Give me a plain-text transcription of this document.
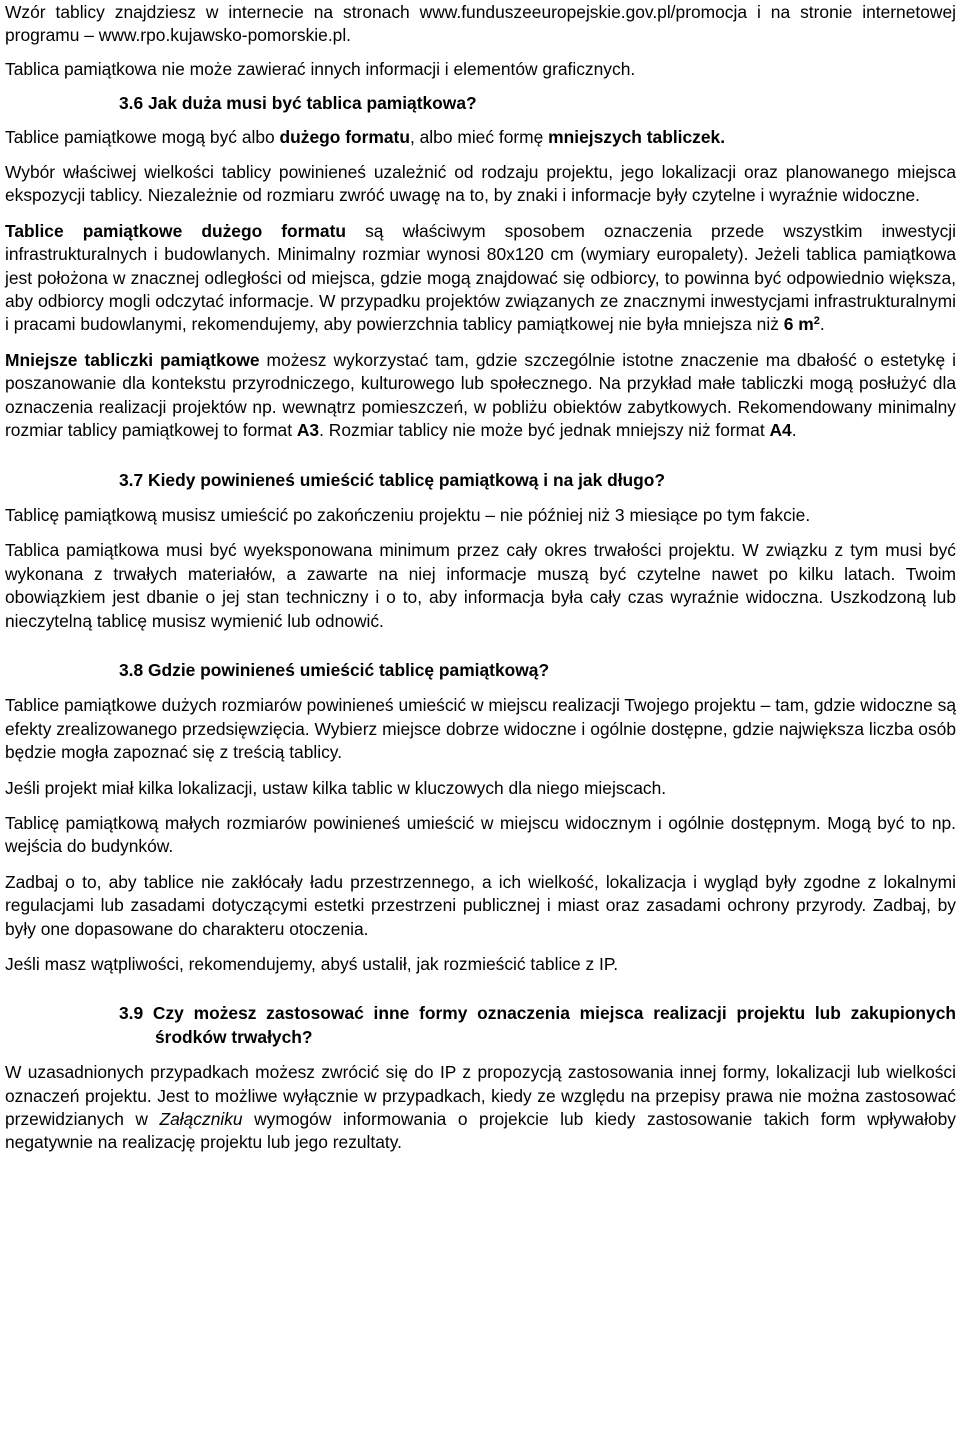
Wzór tablicy znajdziesz w internecie na stronach www.funduszeeuropejskie.gov.pl/promocja i na stronie internetowej programu – www.rpo.kujawsko-pomorskie.pl.

Tablica pamiątkowa nie może zawierać innych informacji i elementów graficznych.

3.6 Jak duża musi być tablica pamiątkowa?

Tablice pamiątkowe mogą być albo dużego formatu, albo mieć formę mniejszych tabliczek.

Wybór właściwej wielkości tablicy powinieneś uzależnić od rodzaju projektu, jego lokalizacji oraz planowanego miejsca ekspozycji tablicy. Niezależnie od rozmiaru zwróć uwagę na to, by znaki i informacje były czytelne i wyraźnie widoczne.

Tablice pamiątkowe dużego formatu są właściwym sposobem oznaczenia przede wszystkim inwestycji infrastrukturalnych i budowlanych. Minimalny rozmiar wynosi 80x120 cm (wymiary europalety). Jeżeli tablica pamiątkowa jest położona w znacznej odległości od miejsca, gdzie mogą znajdować się odbiorcy, to powinna być odpowiednio większa, aby odbiorcy mogli odczytać informacje. W przypadku projektów związanych ze znacznymi inwestycjami infrastrukturalnymi i pracami budowlanymi, rekomendujemy, aby powierzchnia tablicy pamiątkowej nie była mniejsza niż 6 $m^2$.

Mniejsze tabliczki pamiątkowe możesz wykorzystać tam, gdzie szczególnie istotne znaczenie ma dbałość o estetykę i poszanowanie dla kontekstu przyrodniczego, kulturowego lub społecznego. Na przykład małe tabliczki mogą posłużyć dla oznaczenia realizacji projektów np. wewnątrz pomieszczeń, w pobliżu obiektów zabytkowych. Rekomendowany minimalny rozmiar tablicy pamiątkowej to format A3. Rozmiar tablicy nie może być jednak mniejszy niż format A4.

3.7 Kiedy powinieneś umieścić tablicę pamiątkową i na jak długo?

Tablicę pamiątkową musisz umieścić po zakończeniu projektu – nie później niż 3 miesiące po tym fakcie.

Tablica pamiątkowa musi być wyeksponowana minimum przez cały okres trwałości projektu. W związku z tym musi być wykonana z trwałych materiałów, a zawarte na niej informacje muszą być czytelne nawet po kilku latach. Twoim obowiązkiem jest dbanie o jej stan techniczny i o to, aby informacja była cały czas wyraźnie widoczna. Uszkodzoną lub nieczytelną tablicę musisz wymienić lub odnowić.

3.8 Gdzie powinieneś umieścić tablicę pamiątkową?

Tablice pamiątkowe dużych rozmiarów powinieneś umieścić w miejscu realizacji Twojego projektu – tam, gdzie widoczne są efekty zrealizowanego przedsięwzięcia. Wybierz miejsce dobrze widoczne i ogólnie dostępne, gdzie największa liczba osób będzie mogła zapoznać się z treścią tablicy.

Jeśli projekt miał kilka lokalizacji, ustaw kilka tablic w kluczowych dla niego miejscach.

Tablicę pamiątkową małych rozmiarów powinieneś umieścić w miejscu widocznym i ogólnie dostępnym. Mogą być to np. wejścia do budynków.

Zadbaj o to, aby tablice nie zakłócały ładu przestrzennego, a ich wielkość, lokalizacja i wygląd były zgodne z lokalnymi regulacjami lub zasadami dotyczącymi estetki przestrzeni publicznej i miast oraz zasadami ochrony przyrody. Zadbaj, by były one dopasowane do charakteru otoczenia.

Jeśli masz wątpliwości, rekomendujemy, abyś ustalił, jak rozmieścić tablice z IP.

3.9 Czy możesz zastosować inne formy oznaczenia miejsca realizacji projektu lub zakupionych środków trwałych?

W uzasadnionych przypadkach możesz zwrócić się do IP z propozycją zastosowania innej formy, lokalizacji lub wielkości oznaczeń projektu. Jest to możliwe wyłącznie w przypadkach, kiedy ze względu na przepisy prawa nie można zastosować przewidzianych w Załączniku wymogów informowania o projekcie lub kiedy zastosowanie takich form wpływałoby negatywnie na realizację projektu lub jego rezultaty.
